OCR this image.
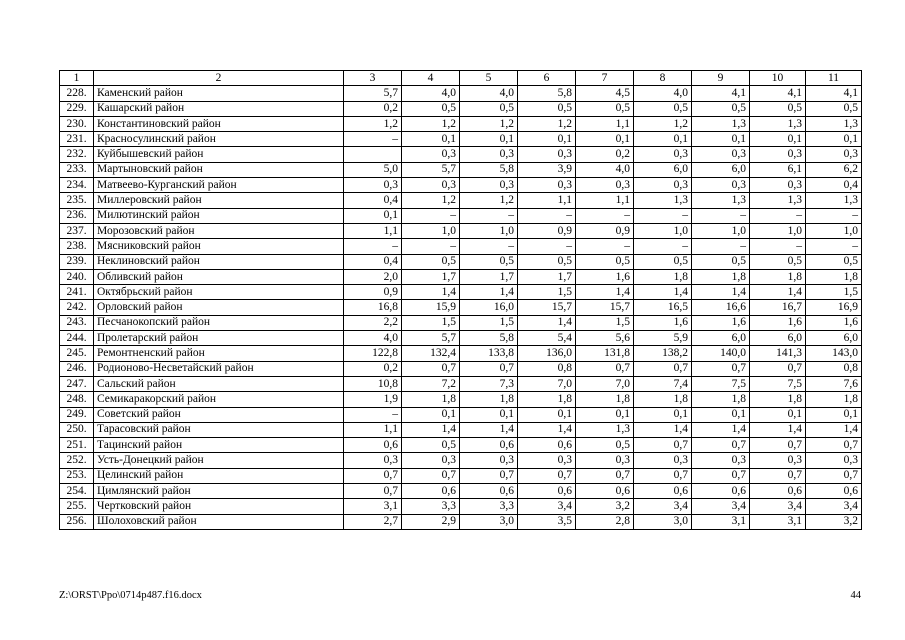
1	2	3	4	5	6	7	8	9	10	11
228.	Каменский район	5,7	4,0	4,0	5,8	4,5	4,0	4,1	4,1	4,1
229.	Кашарский район	0,2	0,5	0,5	0,5	0,5	0,5	0,5	0,5	0,5
230.	Константиновский район	1,2	1,2	1,2	1,2	1,1	1,2	1,3	1,3	1,3
231.	Красносулинский район	–	0,1	0,1	0,1	0,1	0,1	0,1	0,1	0,1
232.	Куйбышевский район		0,3	0,3	0,3	0,2	0,3	0,3	0,3	0,3
233.	Мартыновский район	5,0	5,7	5,8	3,9	4,0	6,0	6,0	6,1	6,2
234.	Матвеево-Курганский район	0,3	0,3	0,3	0,3	0,3	0,3	0,3	0,3	0,4
235.	Миллеровский район	0,4	1,2	1,2	1,1	1,1	1,3	1,3	1,3	1,3
236.	Милютинский район	0,1	–	–	–	–	–	–	–	–
237.	Морозовский район	1,1	1,0	1,0	0,9	0,9	1,0	1,0	1,0	1,0
238.	Мясниковский район	–	–	–	–	–	–	–	–	–
239.	Неклиновский район	0,4	0,5	0,5	0,5	0,5	0,5	0,5	0,5	0,5
240.	Обливский район	2,0	1,7	1,7	1,7	1,6	1,8	1,8	1,8	1,8
241.	Октябрьский район	0,9	1,4	1,4	1,5	1,4	1,4	1,4	1,4	1,5
242.	Орловский район	16,8	15,9	16,0	15,7	15,7	16,5	16,6	16,7	16,9
243.	Песчанокопский район	2,2	1,5	1,5	1,4	1,5	1,6	1,6	1,6	1,6
244.	Пролетарский район	4,0	5,7	5,8	5,4	5,6	5,9	6,0	6,0	6,0
245.	Ремонтненский район	122,8	132,4	133,8	136,0	131,8	138,2	140,0	141,3	143,0
246.	Родионово-Несветайский район	0,2	0,7	0,7	0,8	0,7	0,7	0,7	0,7	0,8
247.	Сальский район	10,8	7,2	7,3	7,0	7,0	7,4	7,5	7,5	7,6
248.	Семикаракорский район	1,9	1,8	1,8	1,8	1,8	1,8	1,8	1,8	1,8
249.	Советский район	–	0,1	0,1	0,1	0,1	0,1	0,1	0,1	0,1
250.	Тарасовский район	1,1	1,4	1,4	1,4	1,3	1,4	1,4	1,4	1,4
251.	Тацинский район	0,6	0,5	0,6	0,6	0,5	0,7	0,7	0,7	0,7
252.	Усть-Донецкий район	0,3	0,3	0,3	0,3	0,3	0,3	0,3	0,3	0,3
253.	Целинский район	0,7	0,7	0,7	0,7	0,7	0,7	0,7	0,7	0,7
254.	Цимлянский район	0,7	0,6	0,6	0,6	0,6	0,6	0,6	0,6	0,6
255.	Чертковский район	3,1	3,3	3,3	3,4	3,2	3,4	3,4	3,4	3,4
256.	Шолоховский район	2,7	2,9	3,0	3,5	2,8	3,0	3,1	3,1	3,2
Z:\ORST\Ppo\0714p487.f16.docx	44
